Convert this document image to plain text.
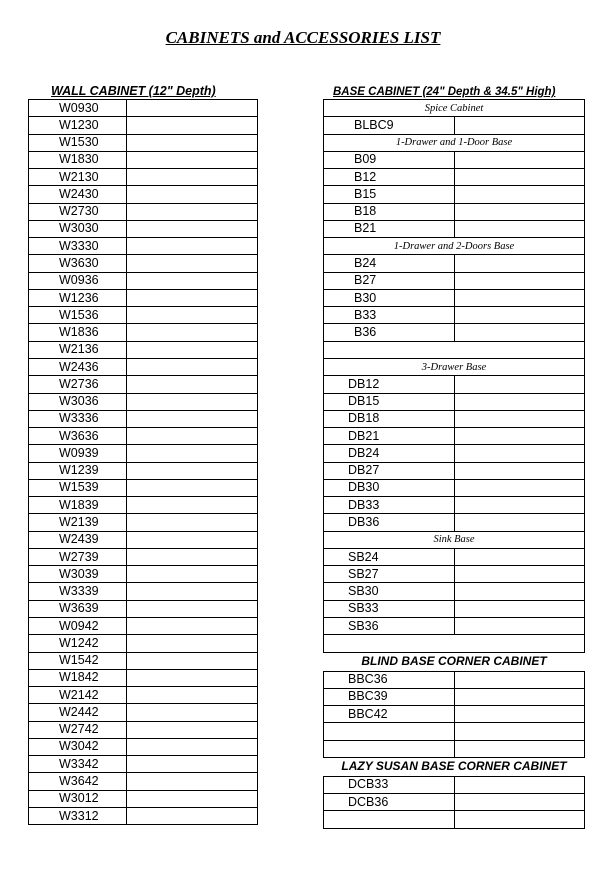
CABINETS and ACCESSORIES LIST
WALL CABINET (12" Depth)	BASE CABINET (24" Depth & 34.5" High)
W0930	
W1230	
W1530	
W1830	
W2130	
W2430	
W2730	
W3030	
W3330	
W3630	
W0936	
W1236	
W1536	
W1836	
W2136	
W2436	
W2736	
W3036	
W3336	
W3636	
W0939	
W1239	
W1539	
W1839	
W2139	
W2439	
W2739	
W3039	
W3339	
W3639	
W0942	
W1242	
W1542	
W1842	
W2142	
W2442	
W2742	
W3042	
W3342	
W3642	
W3012	
W3312	
Spice Cabinet	
BLBC9	
1-Drawer and 1-Door Base	
B09	
B12	
B15	
B18	
B21	
1-Drawer and 2-Doors Base	
B24	
B27	
B30	
B33	
B36	

3-Drawer Base	
DB12	
DB15	
DB18	
DB21	
DB24	
DB27	
DB30	
DB33	
DB36	
Sink Base	
SB24	
SB27	
SB30	
SB33	
SB36	

BLIND BASE CORNER CABINET	
BBC36	
BBC39	
BBC42	

LAZY SUSAN BASE CORNER CABINET	
DCB33	
DCB36	
